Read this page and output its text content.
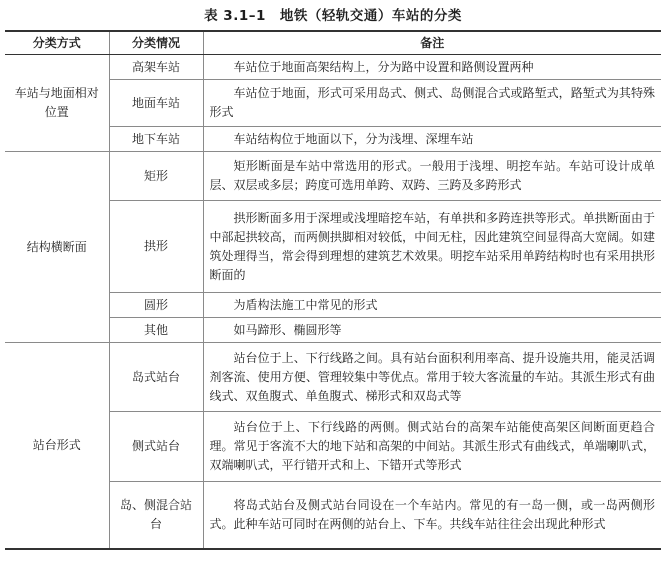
表 3.1–1　地铁（轻轨交通）车站的分类
分类方式	分类情况	备注
车站与地面相对位置	高架车站	车站位于地面高架结构上，分为路中设置和路侧设置两种
	地面车站	车站位于地面，形式可采用岛式、侧式、岛侧混合式或路堑式，路堑式为其特殊形式
	地下车站	车站结构位于地面以下，分为浅埋、深埋车站
结构横断面	矩形	矩形断面是车站中常选用的形式。一般用于浅埋、明挖车站。车站可设计成单层、双层或多层；跨度可选用单跨、双跨、三跨及多跨形式
	拱形	拱形断面多用于深埋或浅埋暗挖车站，有单拱和多跨连拱等形式。单拱断面由于中部起拱较高，而两侧拱脚相对较低，中间无柱，因此建筑空间显得高大宽阔。如建筑处理得当，常会得到理想的建筑艺术效果。明挖车站采用单跨结构时也有采用拱形断面的
	圆形	为盾构法施工中常见的形式
	其他	如马蹄形、椭圆形等
站台形式	岛式站台	站台位于上、下行线路之间。具有站台面积利用率高、提升设施共用，能灵活调剂客流、使用方便、管理较集中等优点。常用于较大客流量的车站。其派生形式有曲线式、双鱼腹式、单鱼腹式、梯形式和双岛式等
	侧式站台	站台位于上、下行线路的两侧。侧式站台的高架车站能使高架区间断面更趋合理。常见于客流不大的地下站和高架的中间站。其派生形式有曲线式，单端喇叭式，双端喇叭式，平行错开式和上、下错开式等形式
	岛、侧混合站台	将岛式站台及侧式站台同设在一个车站内。常见的有一岛一侧，或一岛两侧形式。此种车站可同时在两侧的站台上、下车。共线车站往往会出现此种形式
